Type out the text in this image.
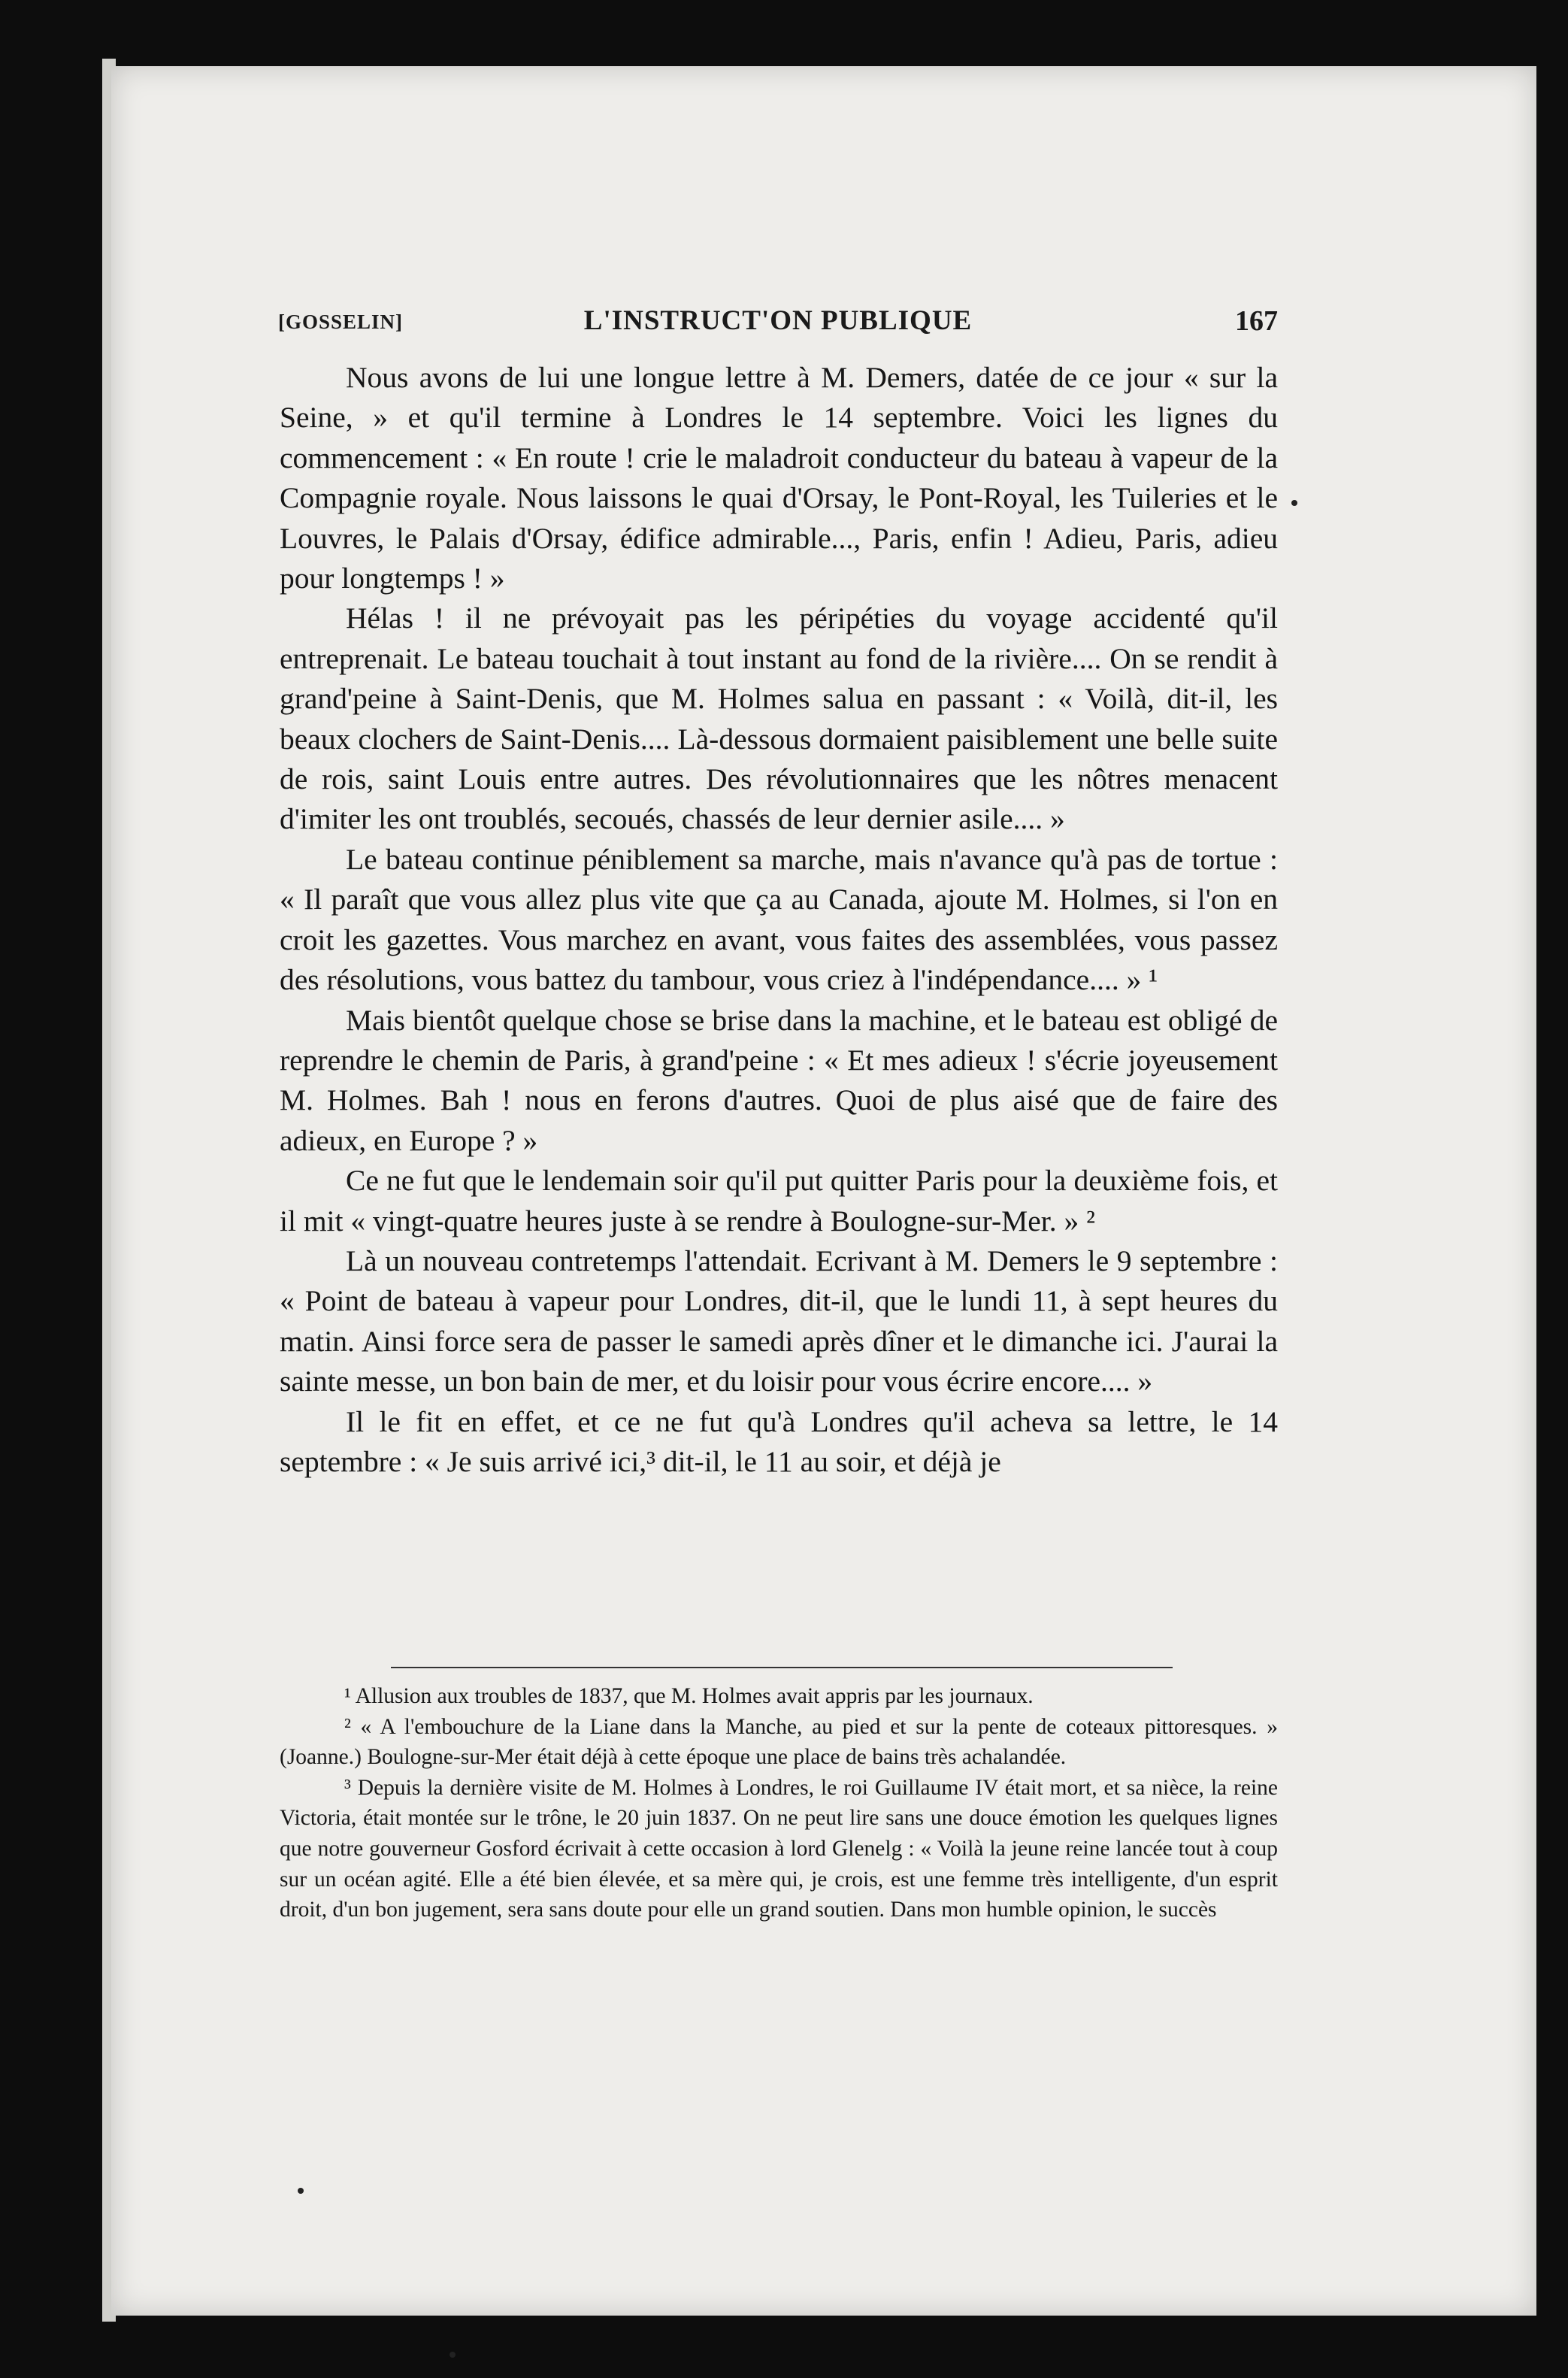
[GOSSELIN]	L'INSTRUCT'ON PUBLIQUE	167

Nous avons de lui une longue lettre à M. Demers, datée de ce jour « sur la Seine, » et qu'il termine à Londres le 14 septembre. Voici les lignes du commencement : « En route ! crie le maladroit conducteur du bateau à vapeur de la Compagnie royale. Nous laissons le quai d'Orsay, le Pont-Royal, les Tuileries et le Louvres, le Palais d'Orsay, édifice admirable..., Paris, enfin ! Adieu, Paris, adieu pour longtemps ! »

Hélas ! il ne prévoyait pas les péripéties du voyage accidenté qu'il entreprenait. Le bateau touchait à tout instant au fond de la rivière.... On se rendit à grand'peine à Saint-Denis, que M. Holmes salua en passant : « Voilà, dit-il, les beaux clochers de Saint-Denis.... Là-dessous dormaient paisiblement une belle suite de rois, saint Louis entre autres. Des révolutionnaires que les nôtres menacent d'imiter les ont troublés, secoués, chassés de leur dernier asile.... »

Le bateau continue péniblement sa marche, mais n'avance qu'à pas de tortue : « Il paraît que vous allez plus vite que ça au Canada, ajoute M. Holmes, si l'on en croit les gazettes. Vous marchez en avant, vous faites des assemblées, vous passez des résolutions, vous battez du tambour, vous criez à l'indépendance.... » ¹

Mais bientôt quelque chose se brise dans la machine, et le bateau est obligé de reprendre le chemin de Paris, à grand'peine : « Et mes adieux ! s'écrie joyeusement M. Holmes. Bah ! nous en ferons d'autres. Quoi de plus aisé que de faire des adieux, en Europe ? »

Ce ne fut que le lendemain soir qu'il put quitter Paris pour la deuxième fois, et il mit « vingt-quatre heures juste à se rendre à Boulogne-sur-Mer. » ²

Là un nouveau contretemps l'attendait. Ecrivant à M. Demers le 9 septembre : « Point de bateau à vapeur pour Londres, dit-il, que le lundi 11, à sept heures du matin. Ainsi force sera de passer le samedi après dîner et le dimanche ici. J'aurai la sainte messe, un bon bain de mer, et du loisir pour vous écrire encore.... »

Il le fit en effet, et ce ne fut qu'à Londres qu'il acheva sa lettre, le 14 septembre : « Je suis arrivé ici,³ dit-il, le 11 au soir, et déjà je

¹ Allusion aux troubles de 1837, que M. Holmes avait appris par les journaux.

² « A l'embouchure de la Liane dans la Manche, au pied et sur la pente de coteaux pittoresques. » (Joanne.) Boulogne-sur-Mer était déjà à cette époque une place de bains très achalandée.

³ Depuis la dernière visite de M. Holmes à Londres, le roi Guillaume IV était mort, et sa nièce, la reine Victoria, était montée sur le trône, le 20 juin 1837. On ne peut lire sans une douce émotion les quelques lignes que notre gouverneur Gosford écrivait à cette occasion à lord Glenelg : « Voilà la jeune reine lancée tout à coup sur un océan agité. Elle a été bien élevée, et sa mère qui, je crois, est une femme très intelligente, d'un esprit droit, d'un bon jugement, sera sans doute pour elle un grand soutien. Dans mon humble opinion, le succès
